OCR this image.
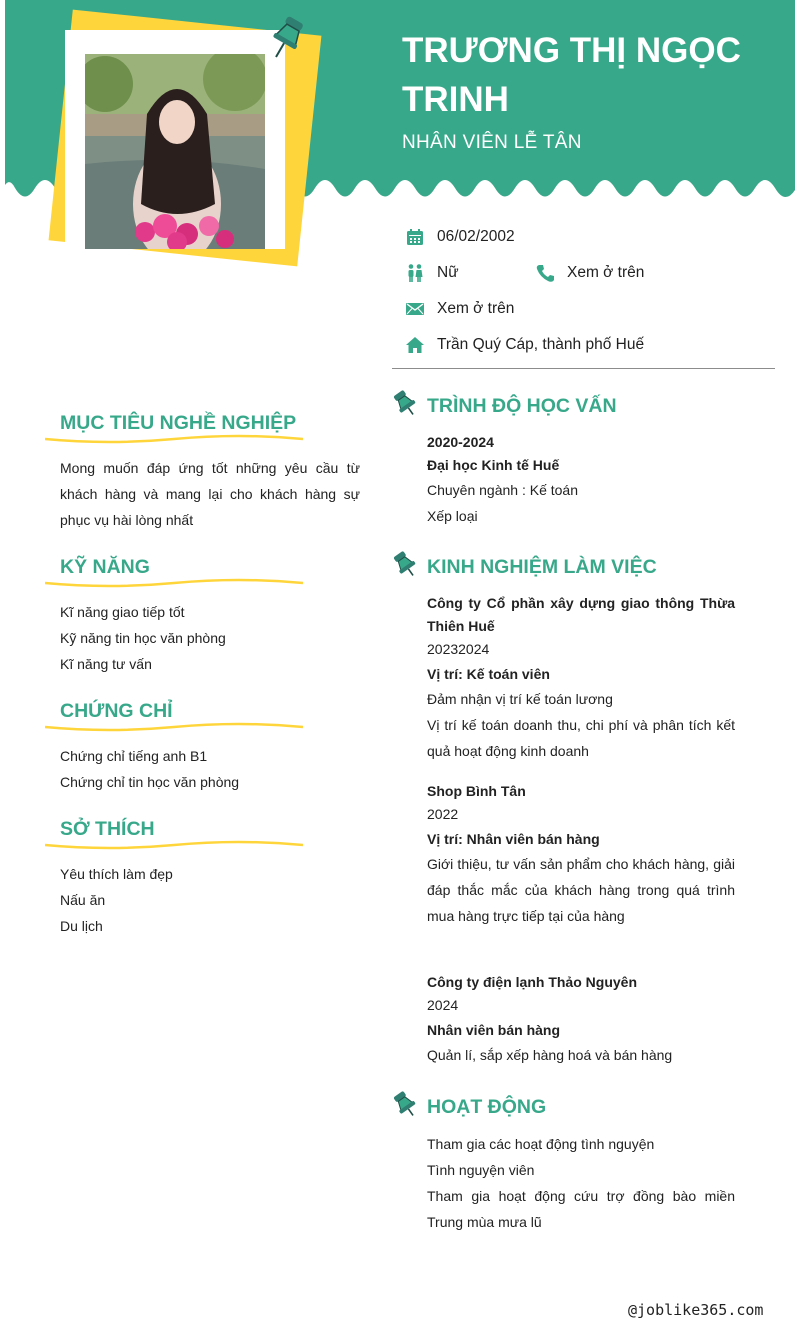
TRƯƠNG THỊ NGỌC TRINH

NHÂN VIÊN LỄ TÂN

06/02/2002
Nữ	Xem ở trên
Xem ở trên
Trần Quý Cáp, thành phố Huế
MỤC TIÊU NGHỀ NGHIỆP

Mong muốn đáp ứng tốt những yêu cầu từ khách hàng và mang lại cho khách hàng sự phục vụ hài lòng nhất

KỸ NĂNG

Kĩ năng giao tiếp tốt

Kỹ năng tin học văn phòng

Kĩ năng tư vấn

CHỨNG CHỈ

Chứng chỉ tiếng anh B1

Chứng chỉ tin học văn phòng

SỞ THÍCH

Yêu thích làm đẹp

Nấu ăn

Du lịch

TRÌNH ĐỘ HỌC VẤN

2020-2024

Đại học Kinh tế Huế

Chuyên ngành : Kế toán

Xếp loại

KINH NGHIỆM LÀM VIỆC

Công ty Cổ phần xây dựng giao thông Thừa Thiên Huế

20232024

Vị trí: Kế toán viên

Đảm nhận vị trí kế toán lương

Vị trí kế toán doanh thu, chi phí và phân tích kết quả hoạt động kinh doanh

Shop Bình Tân

2022

Vị trí: Nhân viên bán hàng

Giới thiệu, tư vấn sản phẩm cho khách hàng, giải đáp thắc mắc của khách hàng trong quá trình mua hàng trực tiếp tại của hàng

Công ty điện lạnh Thảo Nguyên

2024

Nhân viên bán hàng

Quản lí, sắp xếp hàng hoá và bán hàng

HOẠT ĐỘNG

Tham gia các hoạt động tình nguyện

Tình nguyện viên

Tham gia hoạt động cứu trợ đồng bào miền Trung mùa mưa lũ

@joblike365.com
